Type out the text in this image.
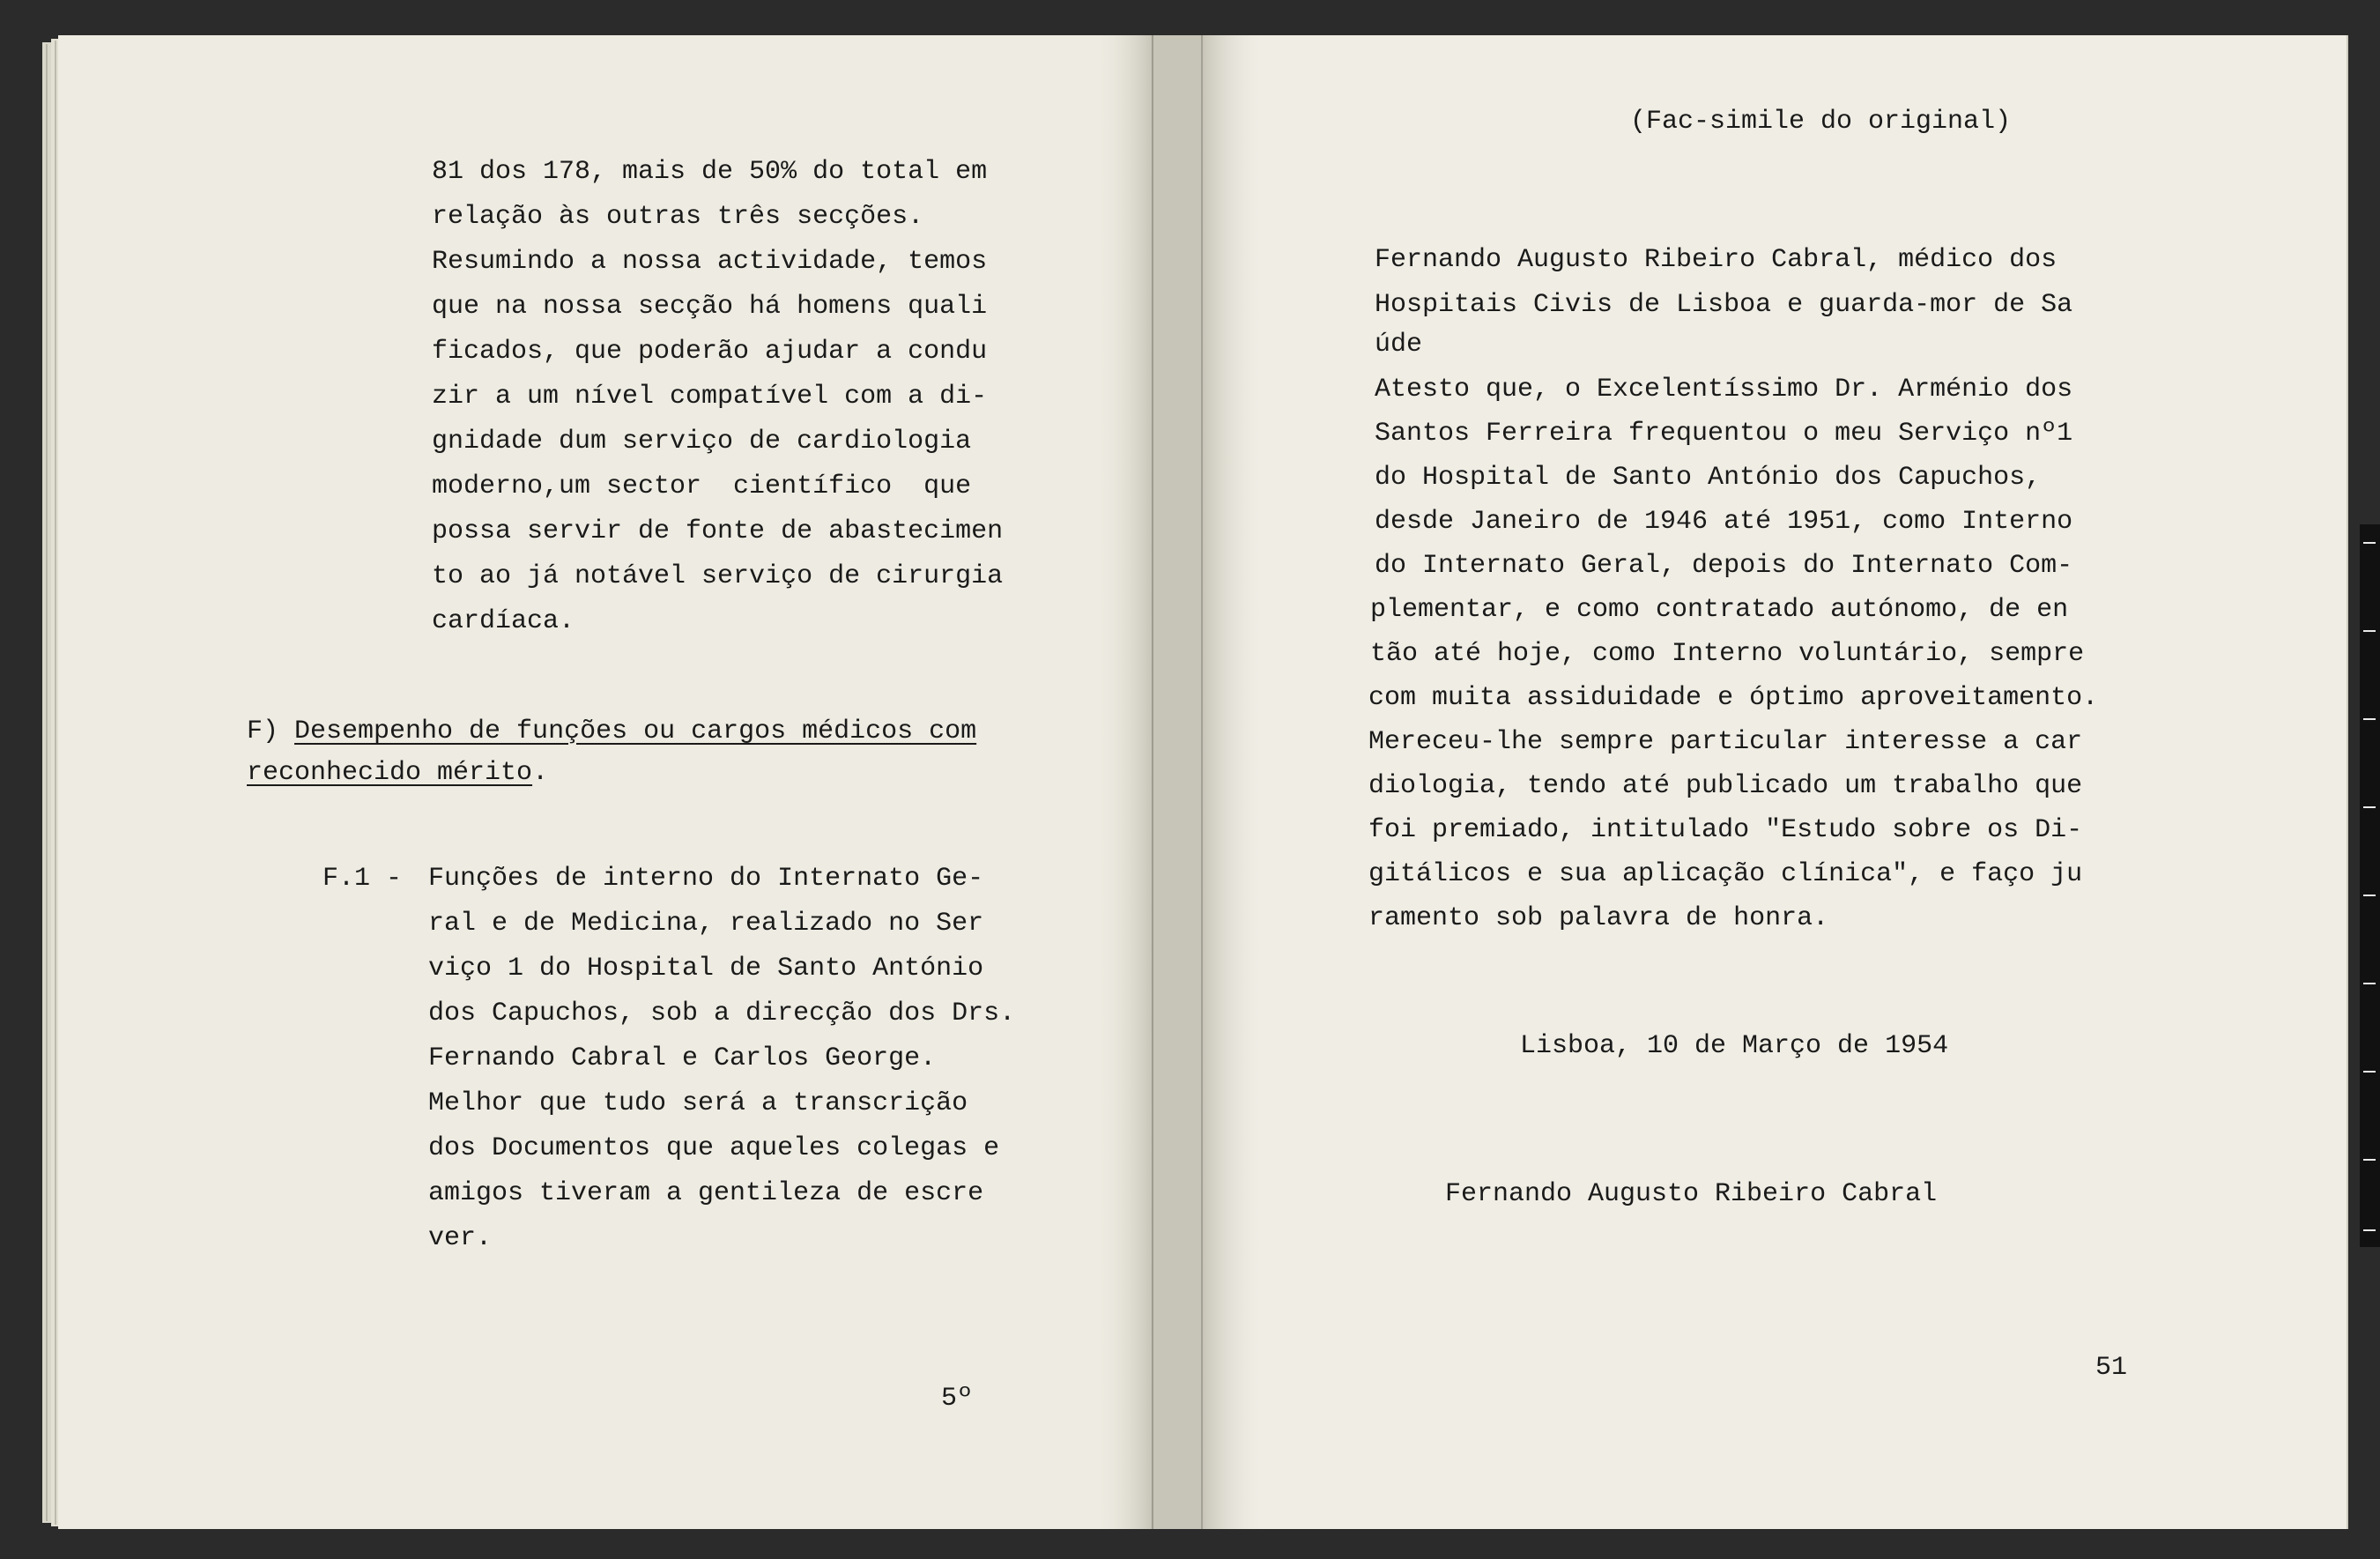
81 dos 178, mais de 50% do total em
relação às outras três secções.
Resumindo a nossa actividade, temos
que na nossa secção há homens quali
ficados, que poderão ajudar a condu
zir a um nível compatível com a di-
gnidade dum serviço de cardiologia
moderno,um sector  científico  que
possa servir de fonte de abastecimen
to ao já notável serviço de cirurgia
cardíaca.
F) Desempenho de funções ou cargos médicos com
reconhecido mérito.
F.1 - Funções de interno do Internato Ge-
ral e de Medicina, realizado no Ser
viço 1 do Hospital de Santo António
dos Capuchos, sob a direcção dos Drs.
Fernando Cabral e Carlos George.
Melhor que tudo será a transcrição
dos Documentos que aqueles colegas e
amigos tiveram a gentileza de escre
ver.
5º
(Fac-simile do original)
Fernando Augusto Ribeiro Cabral, médico dos
Hospitais Civis de Lisboa e guarda-mor de Sa
úde
Atesto que, o Excelentíssimo Dr. Arménio dos
Santos Ferreira frequentou o meu Serviço nº1
do Hospital de Santo António dos Capuchos,
desde Janeiro de 1946 até 1951, como Interno
do Internato Geral, depois do Internato Com-
plementar, e como contratado autónomo, de en
tão até hoje, como Interno voluntário, sempre
com muita assiduidade e óptimo aproveitamento.
Mereceu-lhe sempre particular interesse a car
diologia, tendo até publicado um trabalho que
foi premiado, intitulado "Estudo sobre os Di-
gitálicos e sua aplicação clínica", e faço ju
ramento sob palavra de honra.
Lisboa, 10 de Março de 1954
Fernando Augusto Ribeiro Cabral
51
